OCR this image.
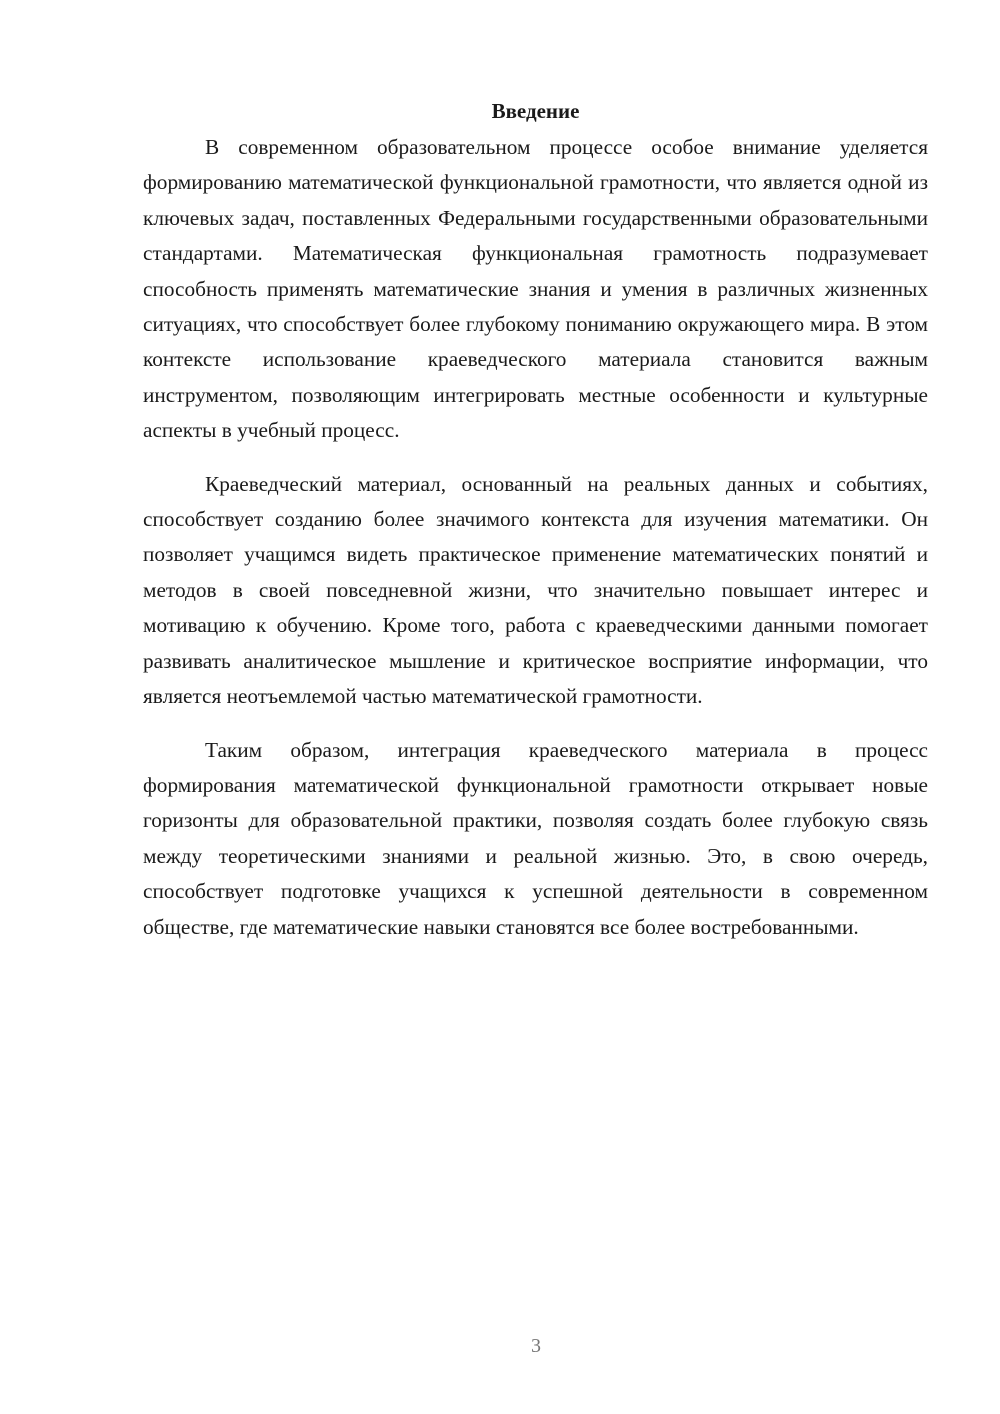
Введение

В современном образовательном процессе особое внимание уделяется формированию математической функциональной грамотности, что является одной из ключевых задач, поставленных Федеральными государственными образовательными стандартами. Математическая функциональная грамотность подразумевает способность применять математические знания и умения в различных жизненных ситуациях, что способствует более глубокому пониманию окружающего мира. В этом контексте использование краеведческого материала становится важным инструментом, позволяющим интегрировать местные особенности и культурные аспекты в учебный процесс.

Краеведческий материал, основанный на реальных данных и событиях, способствует созданию более значимого контекста для изучения математики. Он позволяет учащимся видеть практическое применение математических понятий и методов в своей повседневной жизни, что значительно повышает интерес и мотивацию к обучению. Кроме того, работа с краеведческими данными помогает развивать аналитическое мышление и критическое восприятие информации, что является неотъемлемой частью математической грамотности.

Таким образом, интеграция краеведческого материала в процесс формирования математической функциональной грамотности открывает новые горизонты для образовательной практики, позволяя создать более глубокую связь между теоретическими знаниями и реальной жизнью. Это, в свою очередь, способствует подготовке учащихся к успешной деятельности в современном обществе, где математические навыки становятся все более востребованными.

3
